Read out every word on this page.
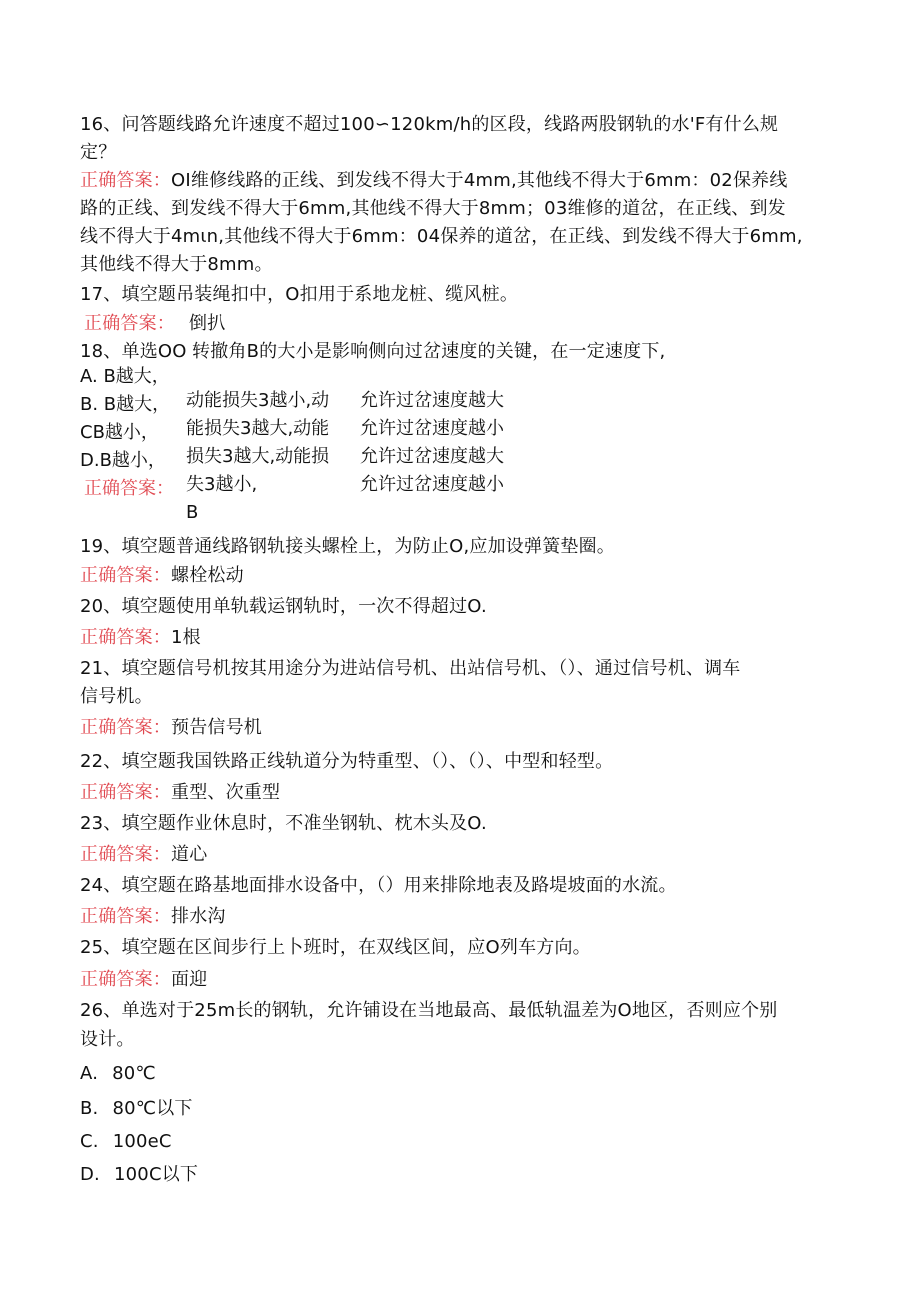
16、问答题线路允许速度不超过100∽120km/h的区段，线路两股钢轨的水'F有什么规
定？
正确答案：OI维修线路的正线、到发线不得大于4mm,其他线不得大于6mm：02保养线
路的正线、到发线不得大于6mm,其他线不得大于8mm；03维修的道岔，在正线、到发
线不得大于4mιn,其他线不得大于6mm：04保养的道岔，在正线、到发线不得大于6mm,
其他线不得大于8mm。
17、填空题吊装绳扣中，O扣用于系地龙桩、缆风桩。
正确答案： 倒扒
18、单选OO 转撤角B的大小是影响侧向过岔速度的关键，在一定速度下,
A. B越大，
B. B越大，
CB越小，
D.B越小，
正确答案：
动能损失3越小,动
能损失3越大,动能
损失3越大,动能损
失3越小,
B
允许过岔速度越大
允许过岔速度越小
允许过岔速度越大
允许过岔速度越小
19、填空题普通线路钢轨接头螺栓上，为防止O,应加设弹簧垫圈。
正确答案：螺栓松动
20、填空题使用单轨载运钢轨时，一次不得超过O.
正确答案：1根
21、填空题信号机按其用途分为进站信号机、出站信号机、（）、通过信号机、调车
信号机。
正确答案：预告信号机
22、填空题我国铁路正线轨道分为特重型、（）、（）、中型和轻型。
正确答案：重型、次重型
23、填空题作业休息时，不准坐钢轨、枕木头及O.
正确答案：道心
24、填空题在路基地面排水设备中，（）用来排除地表及路堤坡面的水流。
正确答案：排水沟
25、填空题在区间步行上卜班时，在双线区间，应O列车方向。
正确答案：面迎
26、单选对于25m长的钢轨，允许铺设在当地最高、最低轨温差为O地区，否则应个别
设计。
A. 80℃
B. 80℃以下
C. 100eC
D. 100C以下
